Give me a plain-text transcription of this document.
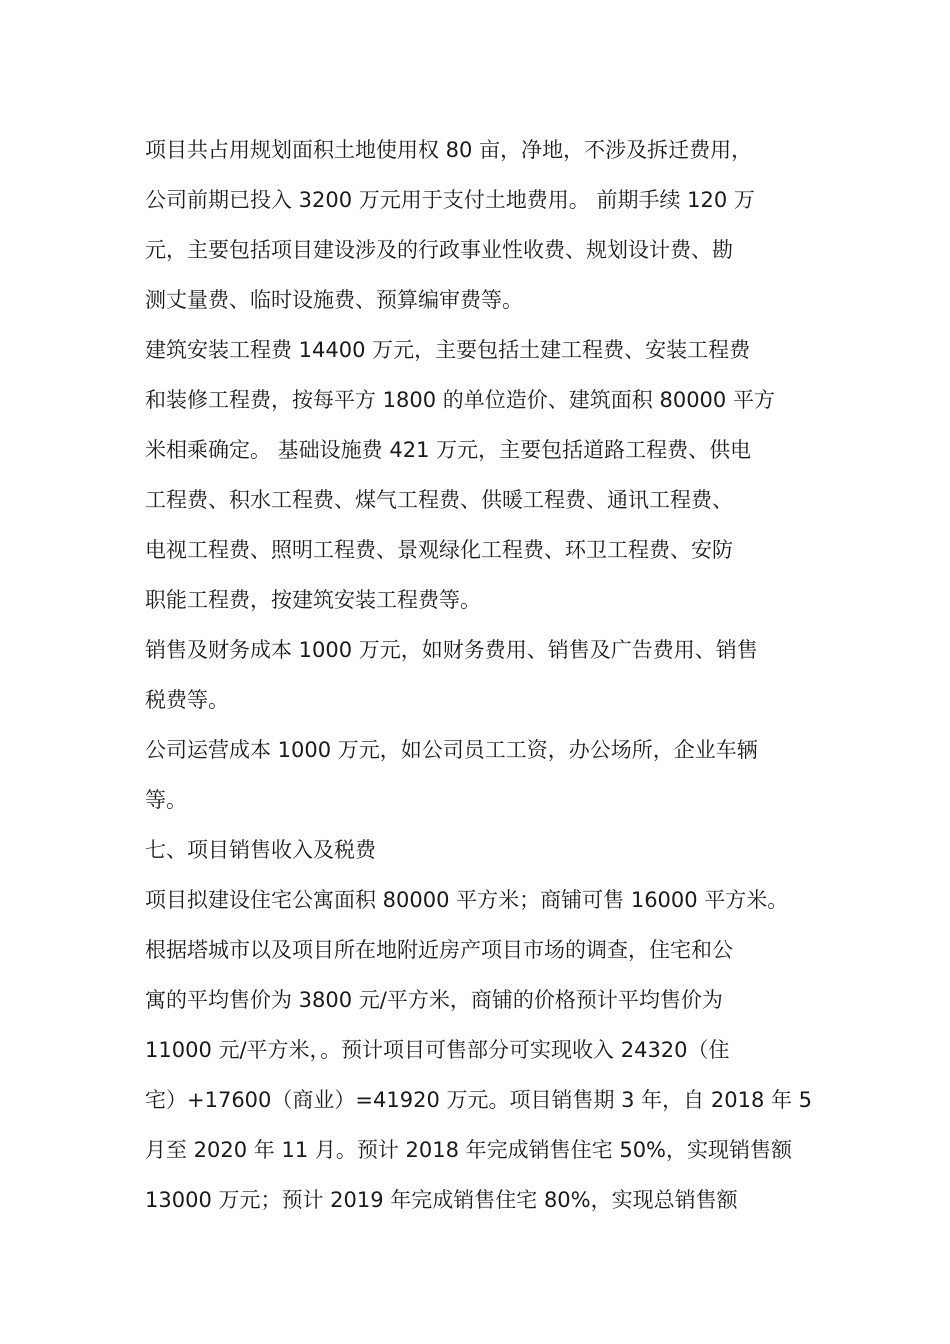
项目共占用规划面积土地使用权 80 亩，净地，不涉及拆迁费用，
公司前期已投入 3200 万元用于支付土地费用。 前期手续 120 万
元，主要包括项目建设涉及的行政事业性收费、规划设计费、勘
测丈量费、临时设施费、预算编审费等。
建筑安装工程费 14400 万元，主要包括土建工程费、安装工程费
和装修工程费，按每平方 1800 的单位造价、建筑面积 80000 平方
米相乘确定。 基础设施费 421 万元，主要包括道路工程费、供电
工程费、积水工程费、煤气工程费、供暖工程费、通讯工程费、
电视工程费、照明工程费、景观绿化工程费、环卫工程费、安防
职能工程费，按建筑安装工程费等。
销售及财务成本 1000 万元，如财务费用、销售及广告费用、销售
税费等。
公司运营成本 1000 万元，如公司员工工资，办公场所，企业车辆
等。
七、项目销售收入及税费
项目拟建设住宅公寓面积 80000 平方米；商铺可售 16000 平方米。
根据塔城市以及项目所在地附近房产项目市场的调查，住宅和公
寓的平均售价为 3800 元/平方米，商铺的价格预计平均售价为
11000 元/平方米，。预计项目可售部分可实现收入 24320（住
宅）+17600（商业）=41920 万元。项目销售期 3 年，自 2018 年 5
月至 2020 年 11 月。预计 2018 年完成销售住宅 50%，实现销售额
13000 万元；预计 2019 年完成销售住宅 80%，实现总销售额
